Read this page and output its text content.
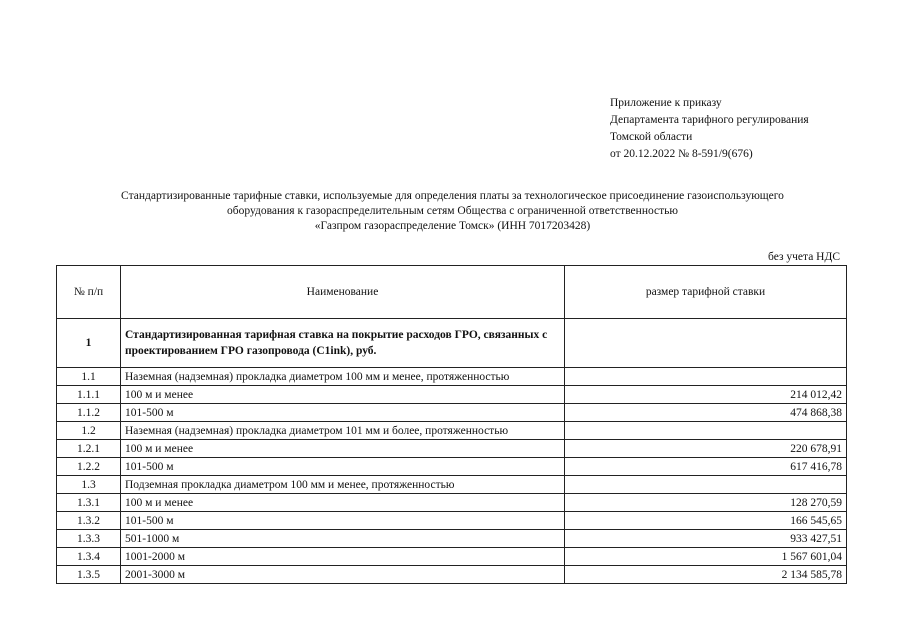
Приложение к приказу
Департамента тарифного регулирования
Томской области
от 20.12.2022 № 8-591/9(676)
Стандартизированные тарифные ставки, используемые для определения платы за технологическое присоединение газоиспользующего
оборудования к газораспределительным сетям Общества с ограниченной ответственностью
«Газпром газораспределение Томск» (ИНН 7017203428)
без учета НДС
№ п/п	Наименование	размер тарифной ставки
1	Стандартизированная тарифная ставка на покрытие расходов ГРО, связанных с проектированием ГРО газопровода (C1ink), руб.	
1.1	Наземная (надземная) прокладка диаметром 100 мм и менее, протяженностью	
1.1.1	100 м и менее	214 012,42
1.1.2	101-500 м	474 868,38
1.2	Наземная (надземная) прокладка диаметром 101 мм и более, протяженностью	
1.2.1	100 м и менее	220 678,91
1.2.2	101-500 м	617 416,78
1.3	Подземная прокладка диаметром 100 мм и менее, протяженностью	
1.3.1	100 м и менее	128 270,59
1.3.2	101-500 м	166 545,65
1.3.3	501-1000 м	933 427,51
1.3.4	1001-2000 м	1 567 601,04
1.3.5	2001-3000 м	2 134 585,78
